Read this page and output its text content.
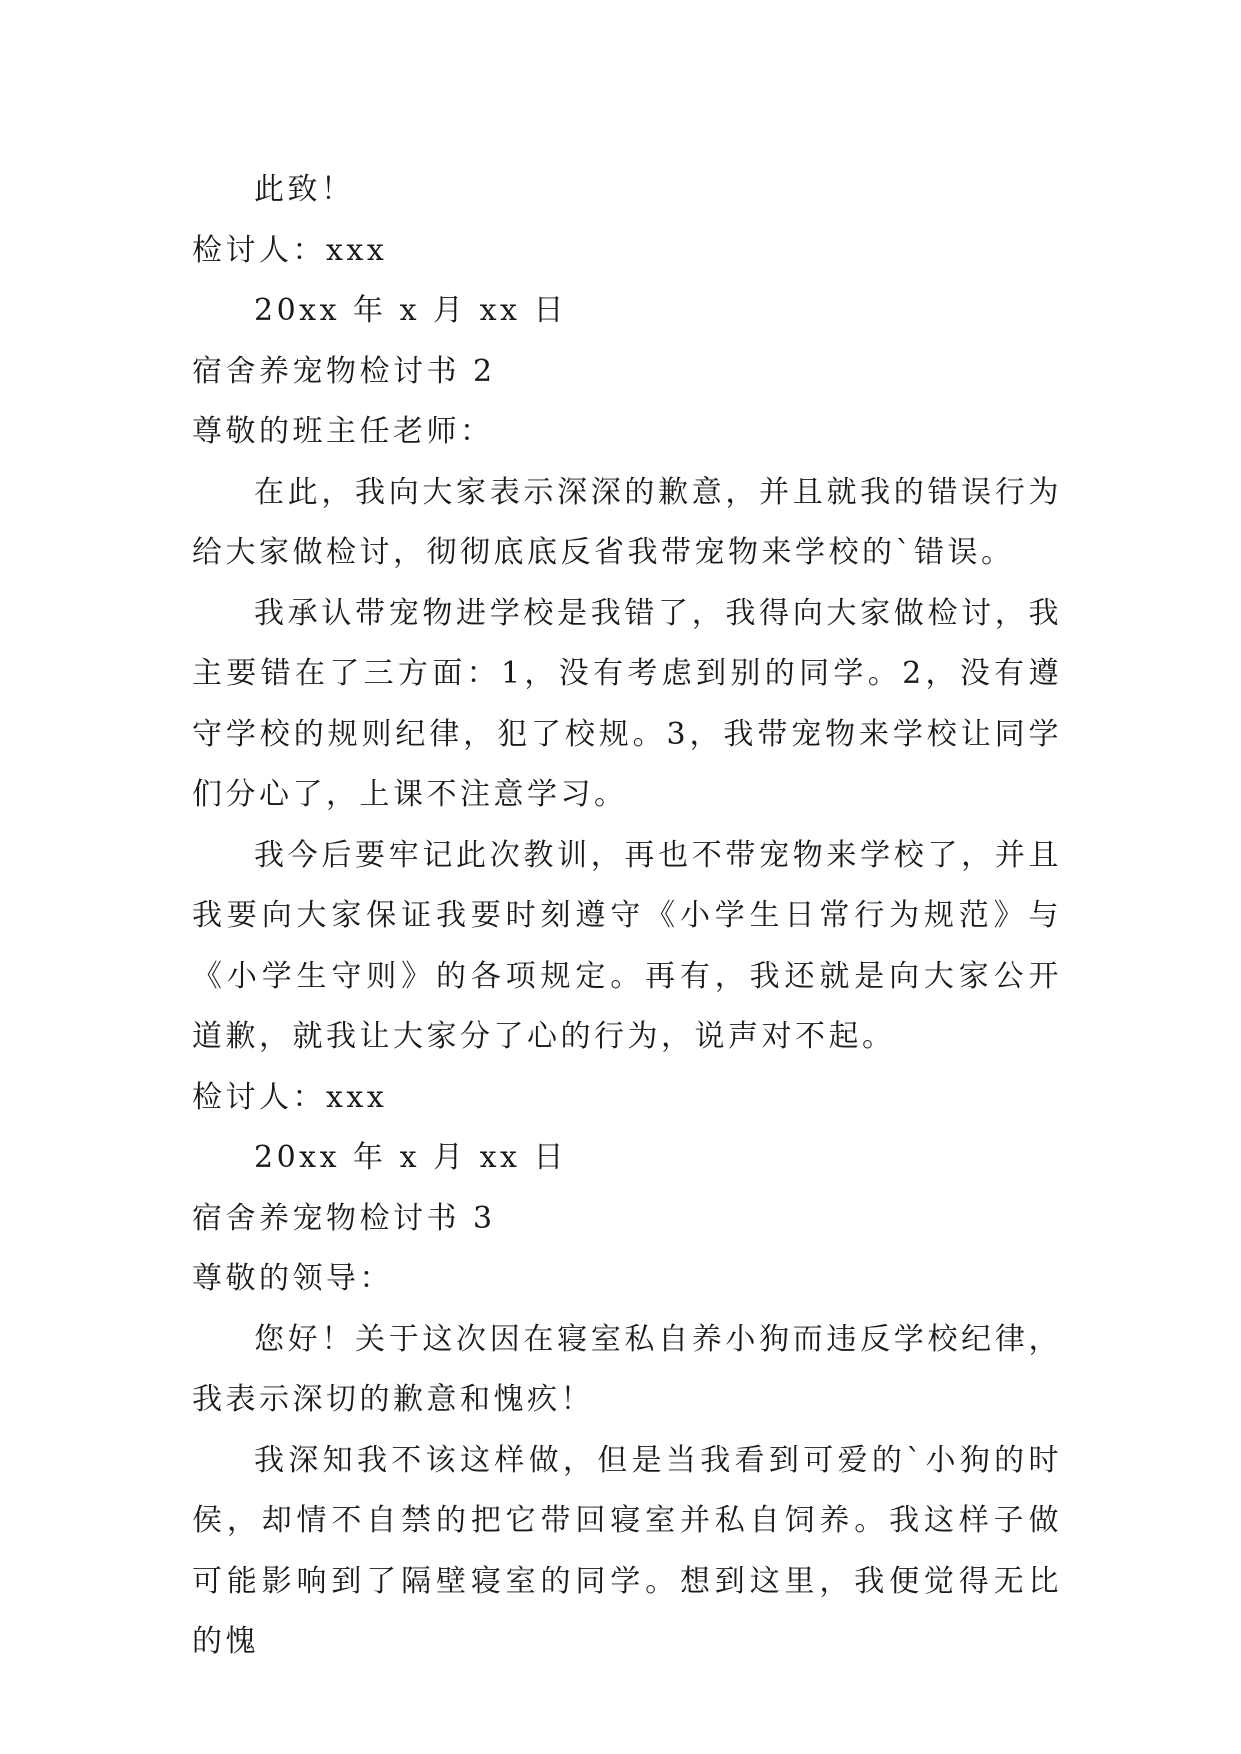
此致！
检讨人：xxx
20xx 年 x 月 xx 日
宿舍养宠物检讨书 2
尊敬的班主任老师：

在此，我向大家表示深深的歉意，并且就我的错误行为给大家做检讨，彻彻底底反省我带宠物来学校的`错误。

我承认带宠物进学校是我错了，我得向大家做检讨，我主要错在了三方面：1，没有考虑到别的同学。2，没有遵守学校的规则纪律，犯了校规。3，我带宠物来学校让同学们分心了，上课不注意学习。

我今后要牢记此次教训，再也不带宠物来学校了，并且我要向大家保证我要时刻遵守《小学生日常行为规范》与《小学生守则》的各项规定。再有，我还就是向大家公开道歉，就我让大家分了心的行为，说声对不起。

检讨人：xxx
20xx 年 x 月 xx 日
宿舍养宠物检讨书 3
尊敬的领导：

您好！关于这次因在寝室私自养小狗而违反学校纪律，我表示深切的歉意和愧疚！

我深知我不该这样做，但是当我看到可爱的`小狗的时侯，却情不自禁的把它带回寝室并私自饲养。我这样子做可能影响到了隔壁寝室的同学。想到这里，我便觉得无比的愧
